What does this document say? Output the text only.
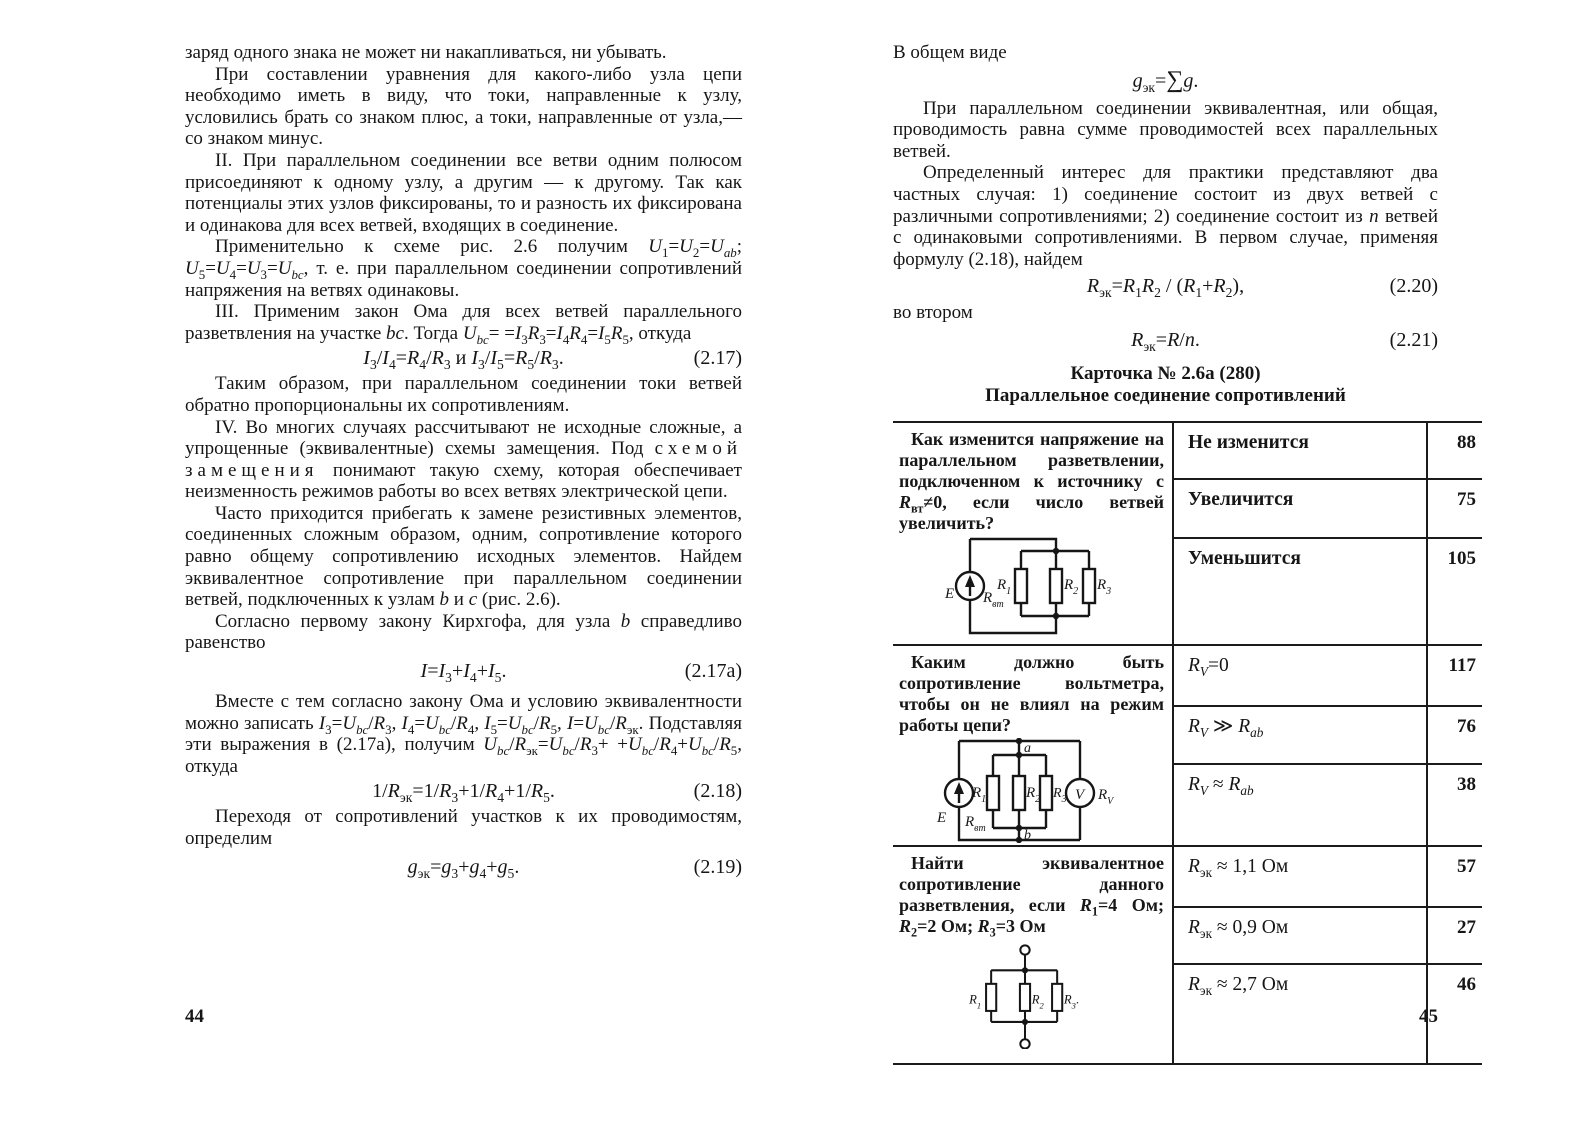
заряд одного знака не может ни накапливаться, ни убывать.

При составлении уравнения для какого-либо узла цепи необходимо иметь в виду, что токи, направленные к узлу, условились брать со знаком плюс, а токи, направленные от узла,— со знаком минус.

II. При параллельном соединении все ветви одним полюсом присоединяют к одному узлу, а другим — к другому. Так как потенциалы этих узлов фиксированы, то и разность их фиксирована и одинакова для всех ветвей, входящих в соединение.

Применительно к схеме рис. 2.6 получим $U_1=U_2=U_{ab}$; $U_5=U_4=U_3=U_{bc}$, т. е. при параллельном соединении сопротивлений напряжения на ветвях одинаковы.

III. Применим закон Ома для всех ветвей параллельного разветвления на участке bc. Тогда $U_{bc}= =I_3R_3=I_4R_4=I_5R_5$, откуда

$I_3/I_4=R_4/R_3$ и $I_3/I_5=R_5/R_3$.	(2.17)

Таким образом, при параллельном соединении токи ветвей обратно пропорциональны их сопротивлениям.

IV. Во многих случаях рассчитывают не исходные сложные, а упрощенные (эквивалентные) схемы замещения. Под схемой замещения понимают такую схему, которая обеспечивает неизменность режимов работы во всех ветвях электрической цепи.

Часто приходится прибегать к замене резистивных элементов, соединенных сложным образом, одним, сопротивление которого равно общему сопротивлению исходных элементов. Найдем эквивалентное сопротивление при параллельном соединении ветвей, подключенных к узлам b и c (рис. 2.6).

Согласно первому закону Кирхгофа, для узла b справедливо равенство

$I=I_3+I_4+I_5$.	(2.17а)

Вместе с тем согласно закону Ома и условию эквивалентности можно записать $I_3=U_{bc}/R_3$, $I_4=U_{bc}/R_4$, $I_5=U_{bc}/R_5$, $I=U_{bc}/R_{эк}$. Подставляя эти выражения в (2.17а), получим $U_{bc}/R_{эк}=U_{bc}/R_3+ +U_{bc}/R_4+U_{bc}/R_5$, откуда

$1/R_{эк}=1/R_3+1/R_4+1/R_5$.	(2.18)

Переходя от сопротивлений участков к их проводимостям, определим

$g_{эк}=g_3+g_4+g_5$.	(2.19)

В общем виде

$g_{эк}=\sum g$.

При параллельном соединении эквивалентная, или общая, проводимость равна сумме проводимостей всех параллельных ветвей.

Определенный интерес для практики представляют два частных случая: 1) соединение состоит из двух ветвей с различными сопротивлениями; 2) соединение состоит из n ветвей с одинаковыми сопротивлениями. В первом случае, применяя формулу (2.18), найдем

$R_{эк}=R_1R_2 / (R_1+R_2)$,	(2.20)

во втором

$R_{эк}=R/n$.	(2.21)
Карточка № 2.6а (280)
Параллельное соединение сопротивлений
Как изменится напряжение на параллельном разветвлении, подключенном к источнику с $R_{вт}\ne 0$, если число ветвей увеличить?
E $R_{вт}$
$R_1$	$R_2$ $R_3$
	Не изменится	88
	Увеличится	75
	Уменьшится	105

Каким должно быть сопротивление вольтметра, чтобы он не влиял на режим работы цепи?
a
b
E $R_{вт}$
$R_1$	$R_2$ $R_3$ V $R_V$
	$R_V=0$	117
	$R_V$ ≫ $R_{ab}$	76
	$R_V \approx R_{ab}$	38

Найти эквивалентное сопротивление данного разветвления, если $R_1=4$ Ом; $R_2=2$ Ом; $R_3=3$ Ом
$R_1$ $R_2$ $R_3$.	$R_{эк} \approx 1,1$ Ом	57
	$R_{эк} \approx 0,9$ Ом	27
	$R_{эк} \approx 2,7$ Ом	46
44	45
